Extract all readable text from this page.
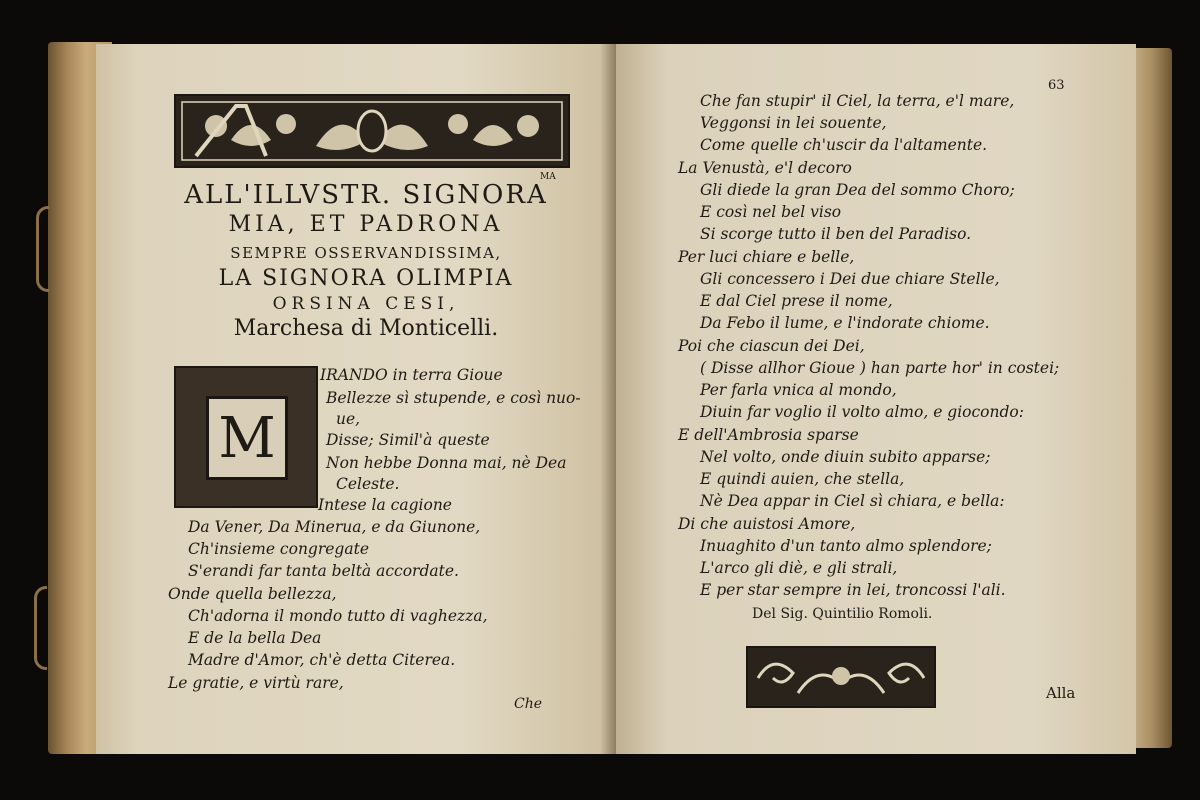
MA
ALL'ILLVSTR. SIGNORA
MIA, ET PADRONA
SEMPRE OSSERVANDISSIMA,
LA SIGNORA OLIMPIA
ORSINA CESI,
Marchesa di Monticelli.
M
IRANDO in terra Gioue
Bellezze sì stupende, e così nuo-
ue,
Disse; Simil'à queste
Non hebbe Donna mai, nè Dea
Celeste.
Intese la cagione
Da Vener, Da Minerua, e da Giunone,
Ch'insieme congregate
S'erandi far tanta beltà accordate.
Onde quella bellezza,
Ch'adorna il mondo tutto di vaghezza,
E de la bella Dea
Madre d'Amor, ch'è detta Citerea.
Le gratie, e virtù rare,
Che
63
Che fan stupir' il Ciel, la terra, e'l mare,
Veggonsi in lei souente,
Come quelle ch'uscir da l'altamente.
La Venustà, e'l decoro
Gli diede la gran Dea del sommo Choro;
E così nel bel viso
Si scorge tutto il ben del Paradiso.
Per luci chiare e belle,
Gli concessero i Dei due chiare Stelle,
E dal Ciel prese il nome,
Da Febo il lume, e l'indorate chiome.
Poi che ciascun dei Dei,
( Disse allhor Gioue ) han parte hor' in costei;
Per farla vnica al mondo,
Diuin far voglio il volto almo, e giocondo:
E dell'Ambrosia sparse
Nel volto, onde diuin subito apparse;
E quindi auien, che stella,
Nè Dea appar in Ciel sì chiara, e bella:
Di che auistosi Amore,
Inuaghito d'un tanto almo splendore;
L'arco gli diè, e gli strali,
E per star sempre in lei, troncossi l'ali.
Del Sig. Quintilio Romoli.
Alla
